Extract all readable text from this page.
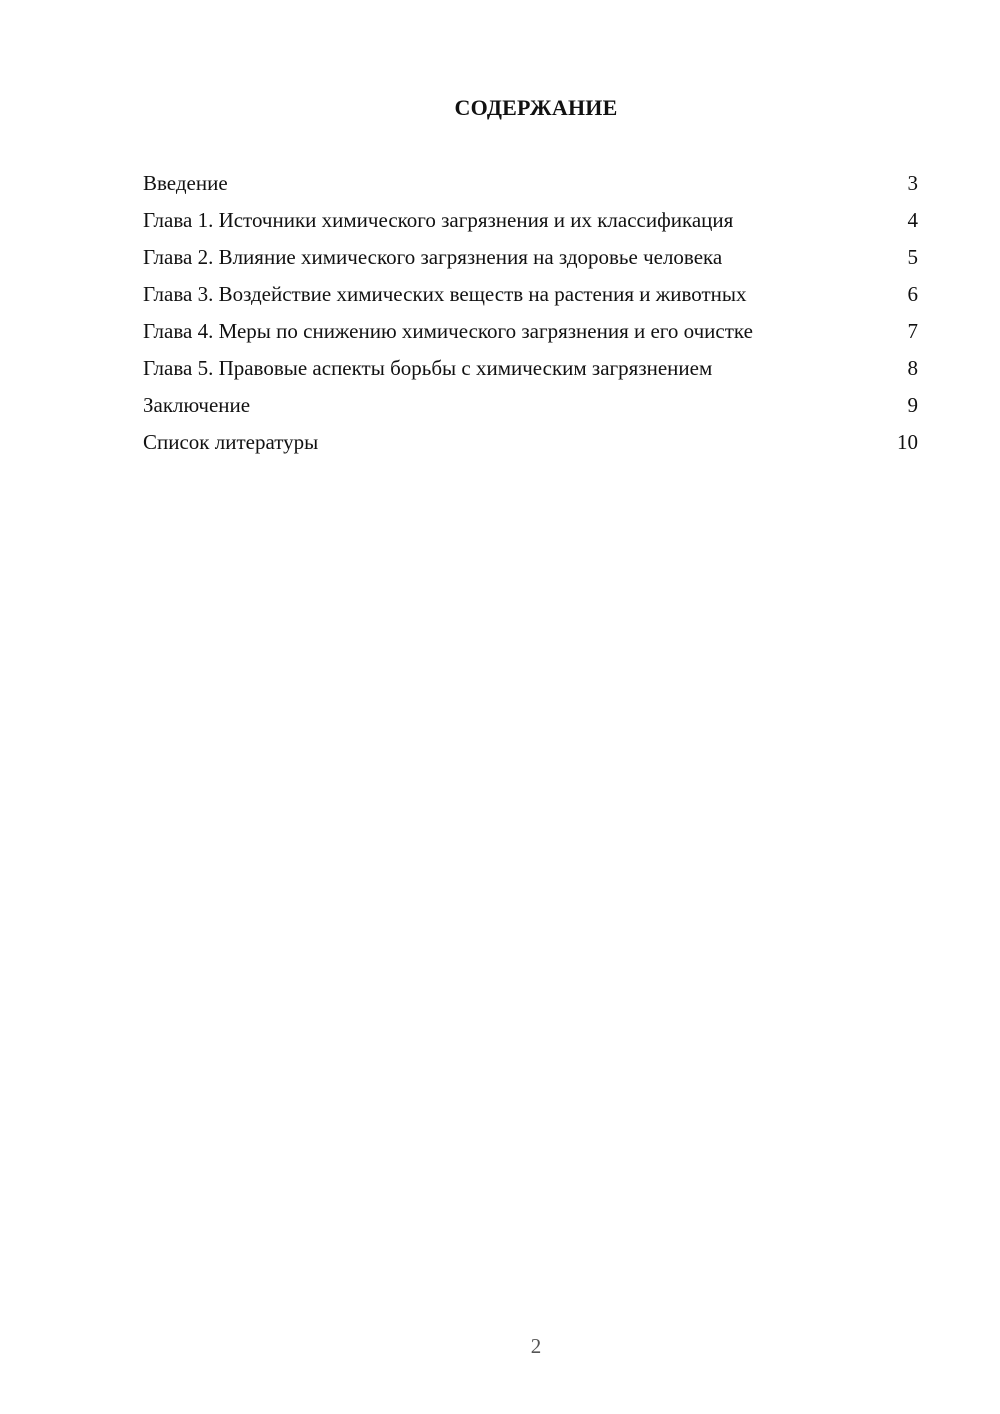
СОДЕРЖАНИЕ
Введение	3
Глава 1. Источники химического загрязнения и их классификация	4
Глава 2. Влияние химического загрязнения на здоровье человека	5
Глава 3. Воздействие химических веществ на растения и животных	6
Глава 4. Меры по снижению химического загрязнения и его очистке	7
Глава 5. Правовые аспекты борьбы с химическим загрязнением	8
Заключение	9
Список литературы	10
2
